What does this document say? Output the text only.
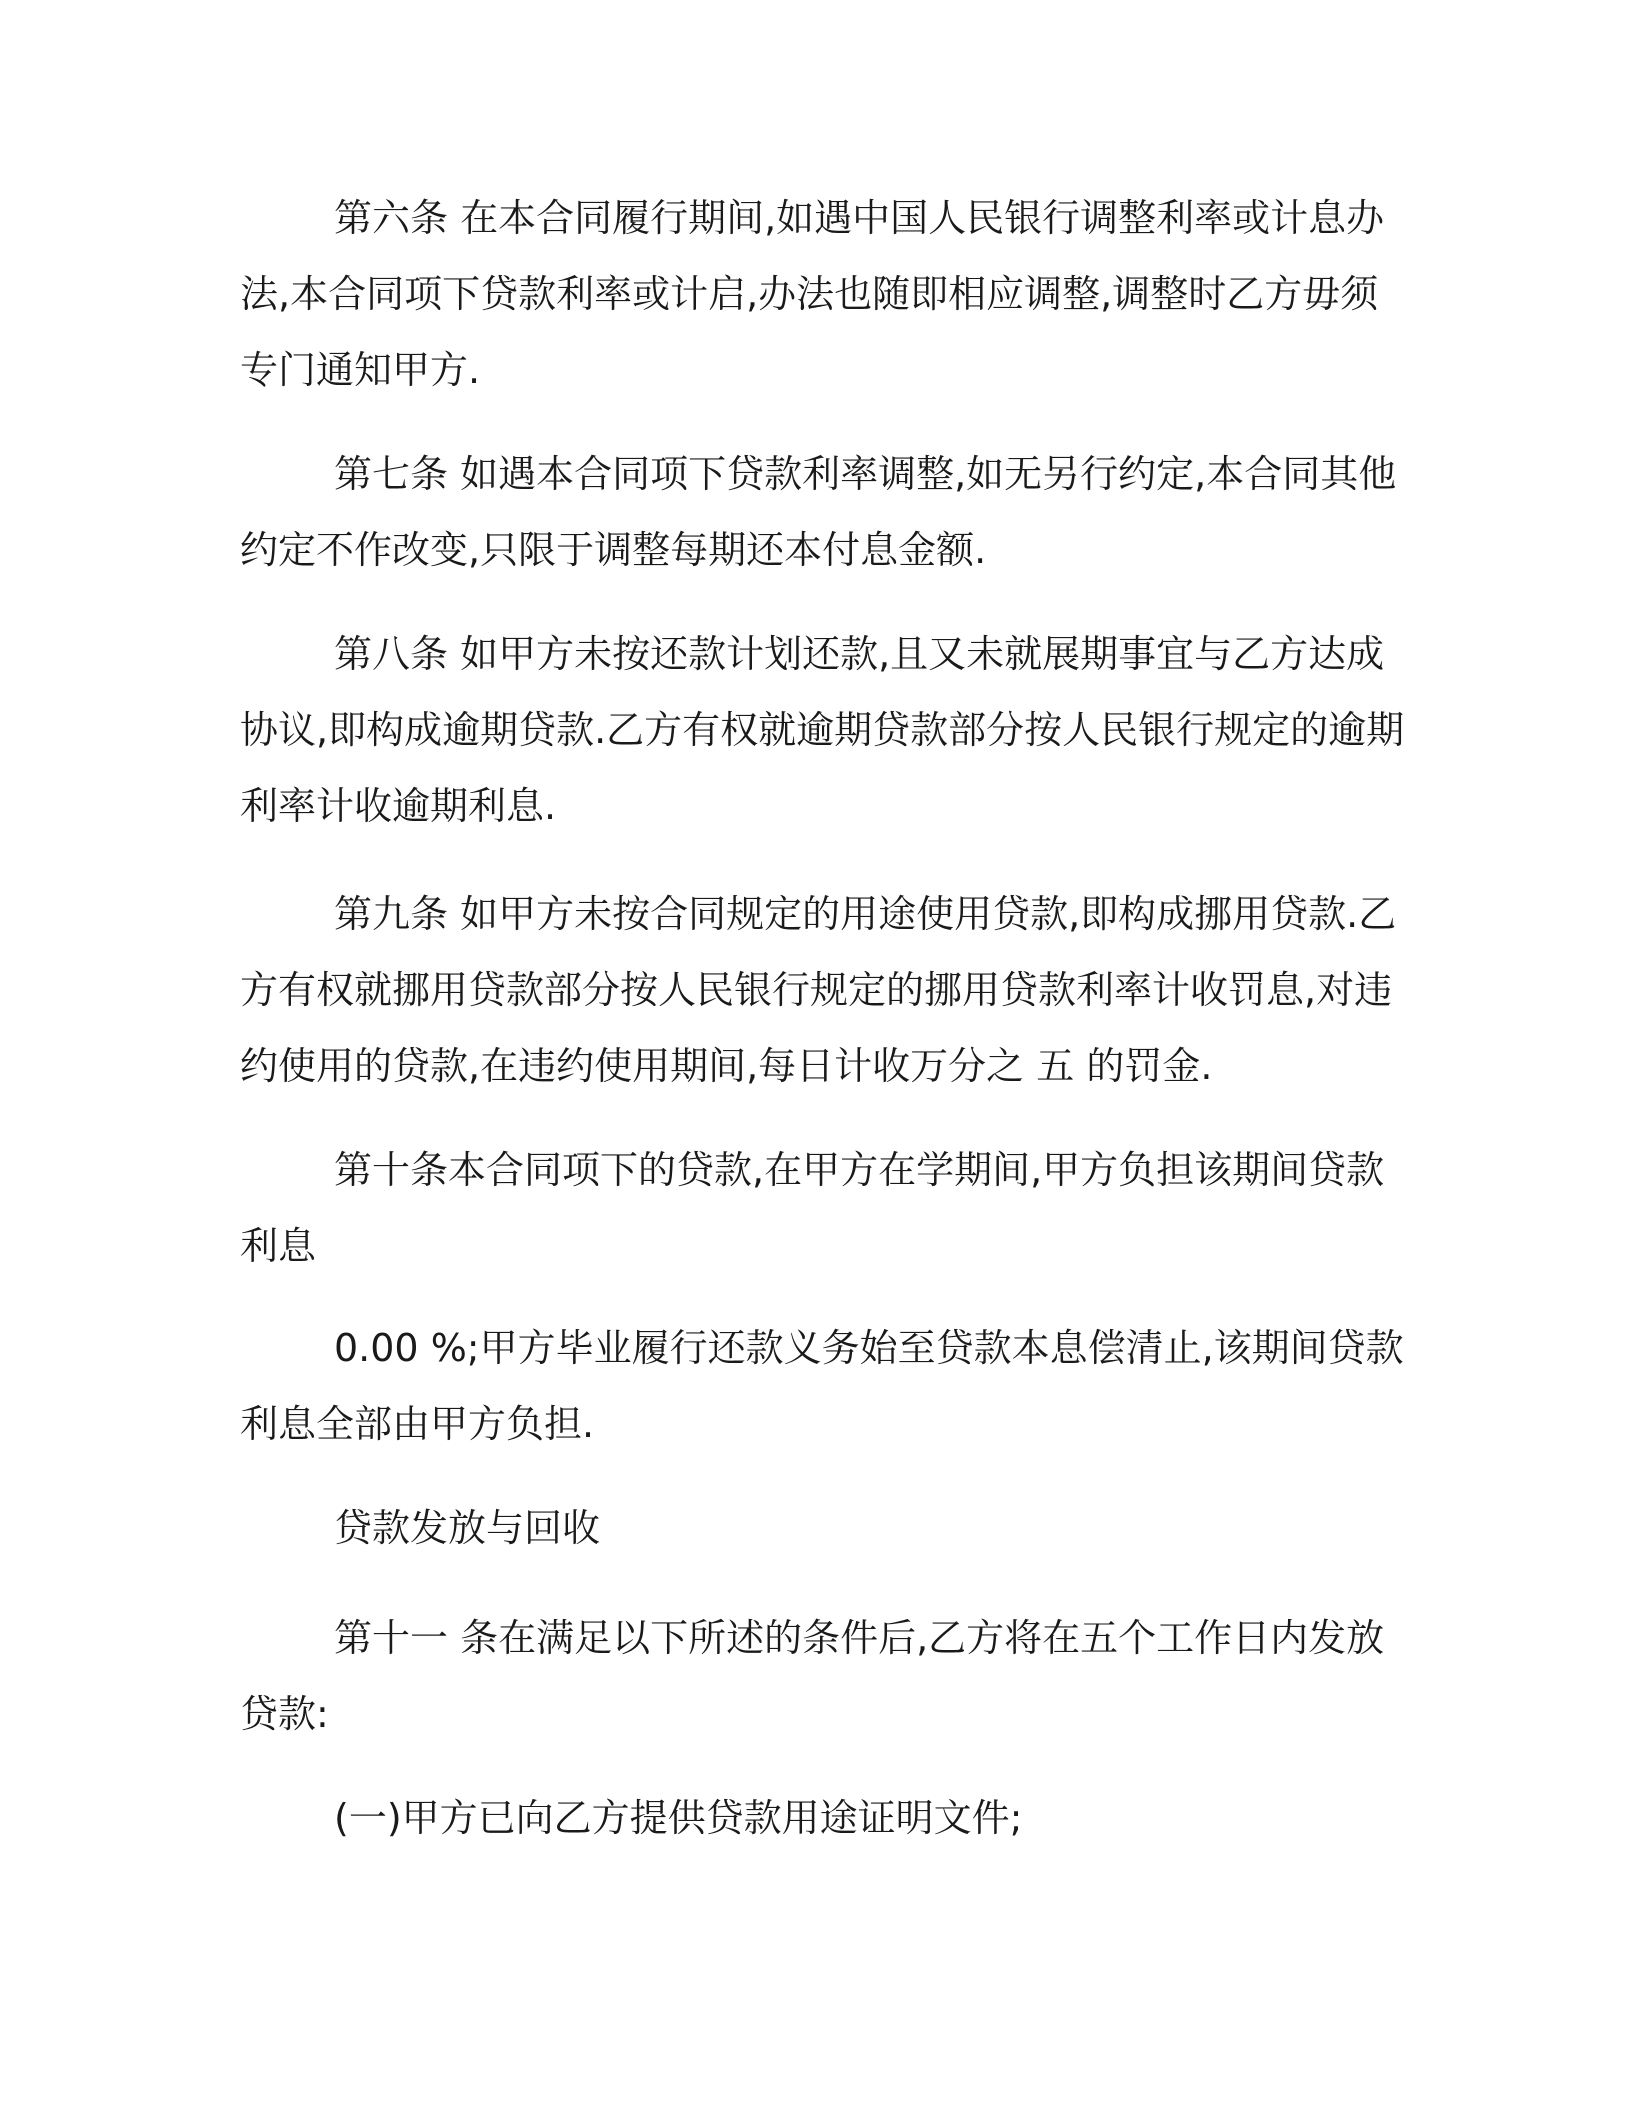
第六条 在本合同履行期间,如遇中国人民银行调整利率或计息办
法,本合同项下贷款利率或计启,办法也随即相应调整,调整时乙方毋须
专门通知甲方.
第七条 如遇本合同项下贷款利率调整,如无另行约定,本合同其他
约定不作改变,只限于调整每期还本付息金额.
第八条 如甲方未按还款计划还款,且又未就展期事宜与乙方达成
协议,即构成逾期贷款.乙方有权就逾期贷款部分按人民银行规定的逾期
利率计收逾期利息.
第九条 如甲方未按合同规定的用途使用贷款,即构成挪用贷款.乙
方有权就挪用贷款部分按人民银行规定的挪用贷款利率计收罚息,对违
约使用的贷款,在违约使用期间,每日计收万分之 五 的罚金.
第十条本合同项下的贷款,在甲方在学期间,甲方负担该期间贷款
利息
0.00 %;甲方毕业履行还款义务始至贷款本息偿清止,该期间贷款
利息全部由甲方负担.
贷款发放与回收
第十一 条在满足以下所述的条件后,乙方将在五个工作日内发放
贷款:
(一)甲方已向乙方提供贷款用途证明文件;
